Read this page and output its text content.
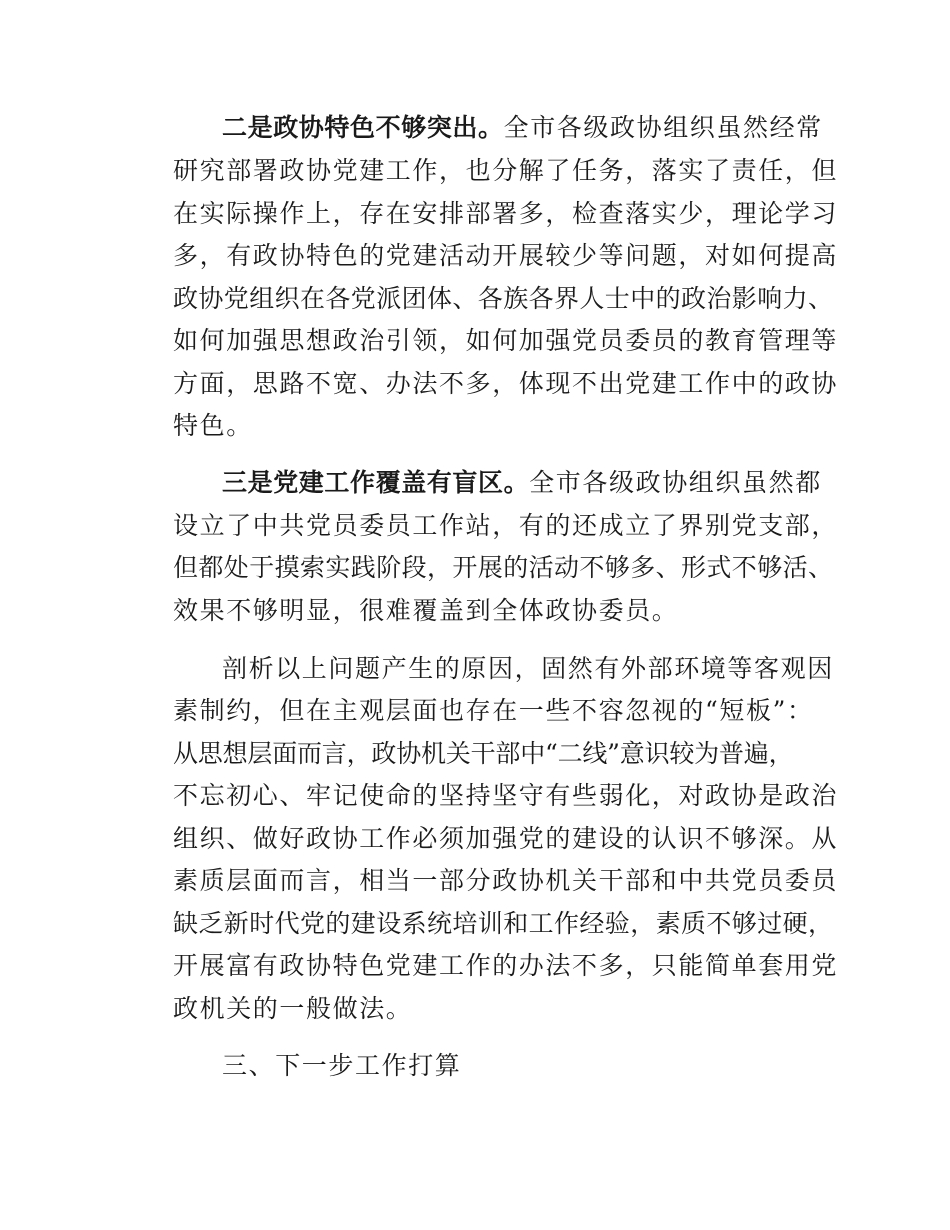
二是政协特色不够突出。全市各级政协组织虽然经常

研究部署政协党建工作，也分解了任务，落实了责任，但

在实际操作上，存在安排部署多，检查落实少，理论学习

多，有政协特色的党建活动开展较少等问题，对如何提高

政协党组织在各党派团体、各族各界人士中的政治影响力、

如何加强思想政治引领，如何加强党员委员的教育管理等

方面，思路不宽、办法不多，体现不出党建工作中的政协

特色。

三是党建工作覆盖有盲区。全市各级政协组织虽然都

设立了中共党员委员工作站，有的还成立了界别党支部，

但都处于摸索实践阶段，开展的活动不够多、形式不够活、

效果不够明显，很难覆盖到全体政协委员。

剖析以上问题产生的原因，固然有外部环境等客观因

素制约，但在主观层面也存在一些不容忽视的“短板”：

从思想层面而言，政协机关干部中“二线”意识较为普遍，

不忘初心、牢记使命的坚持坚守有些弱化，对政协是政治

组织、做好政协工作必须加强党的建设的认识不够深。从

素质层面而言，相当一部分政协机关干部和中共党员委员

缺乏新时代党的建设系统培训和工作经验，素质不够过硬，

开展富有政协特色党建工作的办法不多，只能简单套用党

政机关的一般做法。

三、下一步工作打算
